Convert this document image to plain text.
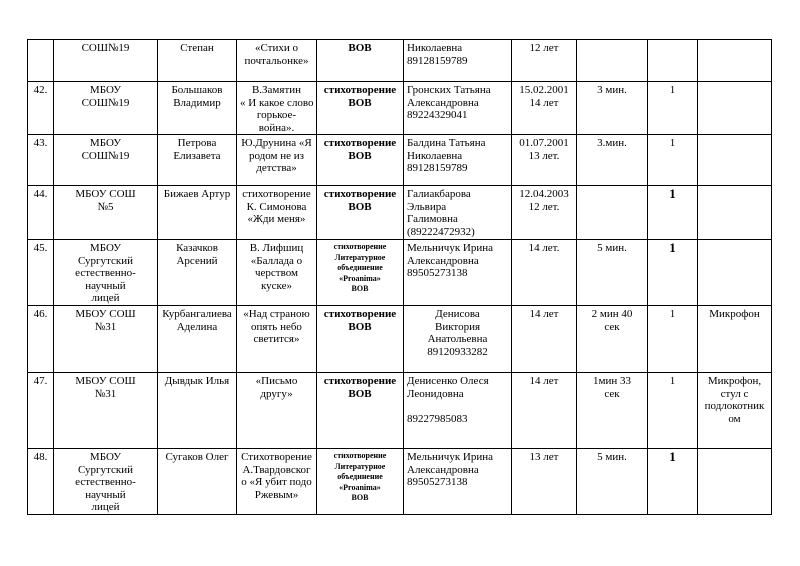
	СОШ№19	Степан	«Стихи о
почтальонке»	ВОВ	Николаевна
89128159789	12 лет			

42.	МБОУ
СОШ№19	Большаков
Владимир	В.Замятин
« И какое слово
горькое-
война».	стихотворение
ВОВ	Гронских Татьяна
Александровна
89224329041	15.02.2001
14 лет	3 мин.	1	

43.	МБОУ
СОШ№19	Петрова
Елизавета	Ю.Друнина «Я
родом не из
детства»	стихотворение
ВОВ	Балдина Татьяна
Николаевна
89128159789	01.07.2001
13 лет.	3.мин.	1	

44.	МБОУ СОШ
№5	Бижаев Артур	стихотворение
К. Симонова
«Жди меня»	стихотворение
ВОВ	Галиакбарова
Эльвира
Галимовна
(89222472932)	12.04.2003
12 лет.		1	

45.	МБОУ
Сургутский
естественно-
научный
лицей	Казачков
Арсений	В. Лифшиц
«Баллада о
черством
куске»	стихотворение
Литературное
объединение
«Proanima»
ВОВ	Мельничук Ирина
Александровна
89505273138	14 лет.	5 мин.	1	

46.	МБОУ СОШ
№31	Курбангалиева
Аделина	«Над страною
опять небо
светится»	стихотворение
ВОВ	Денисова
Виктория
Анатольевна
89120933282	14 лет	2 мин 40
сек	1	Микрофон

47.	МБОУ СОШ
№31	Дывдык Илья	«Письмо
другу»	стихотворение
ВОВ	Денисенко Олеся
Леонидовна

89227985083	14 лет	1мин 33
сек	1	Микрофон,
стул с
подлокотник
ом

48.	МБОУ
Сургутский
естественно-
научный
лицей	Сугаков Олег	Стихотворение
А.Твардовског
о «Я убит подо
Ржевым»	стихотворение
Литературное
объединение
«Proanima»
ВОВ	Мельничук Ирина
Александровна
89505273138	13 лет	5 мин.	1	
